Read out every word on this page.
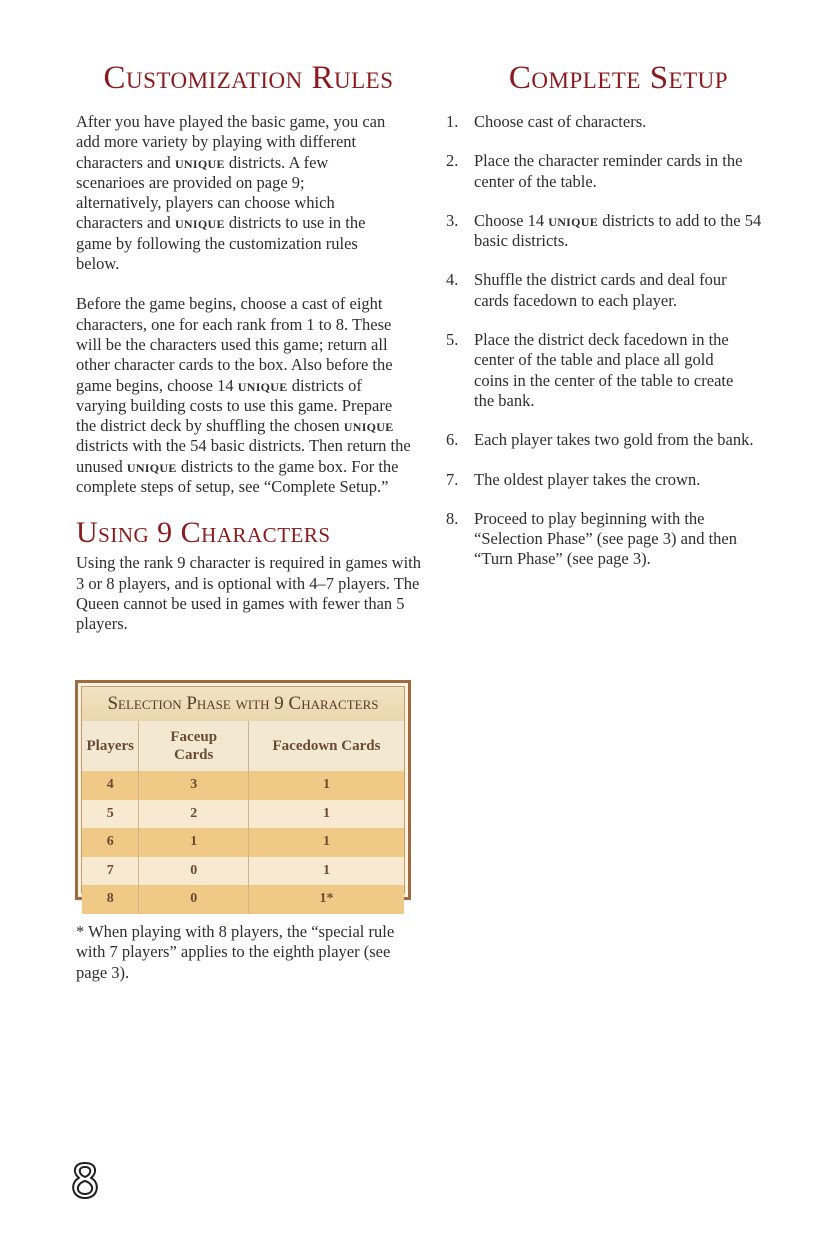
Customization Rules

After you have played the basic game, you can add more variety by playing with different characters and unique districts. A few scenarioes are provided on page 9; alternatively, players can choose which characters and unique districts to use in the game by following the customization rules below.

Before the game begins, choose a cast of eight characters, one for each rank from 1 to 8. These will be the characters used this game; return all other character cards to the box. Also before the game begins, choose 14 unique districts of varying building costs to use this game. Prepare the district deck by shuffling the chosen unique districts with the 54 basic districts. Then return the unused unique districts to the game box. For the complete steps of setup, see “Complete Setup.”

Using 9 Characters

Using the rank 9 character is required in games with 3 or 8 players, and is optional with 4–7 players. The Queen cannot be used in games with fewer than 5 players.

Selection Phase with 9 Characters
Players	Faceup Cards	Facedown Cards
4	3	1
5	2	1
6	1	1
7	0	1
8	0	1*

* When playing with 8 players, the “special rule with 7 players” applies to the eighth player (see page 3).

Complete Setup
1. Choose cast of characters.
2. Place the character reminder cards in the center of the table.
3. Choose 14 unique districts to add to the 54 basic districts.
4. Shuffle the district cards and deal four cards facedown to each player.
5. Place the district deck facedown in the center of the table and place all gold coins in the center of the table to create the bank.
6. Each player takes two gold from the bank.
7. The oldest player takes the crown.
8. Proceed to play beginning with the “Selection Phase” (see page 3) and then “Turn Phase” (see page 3).
